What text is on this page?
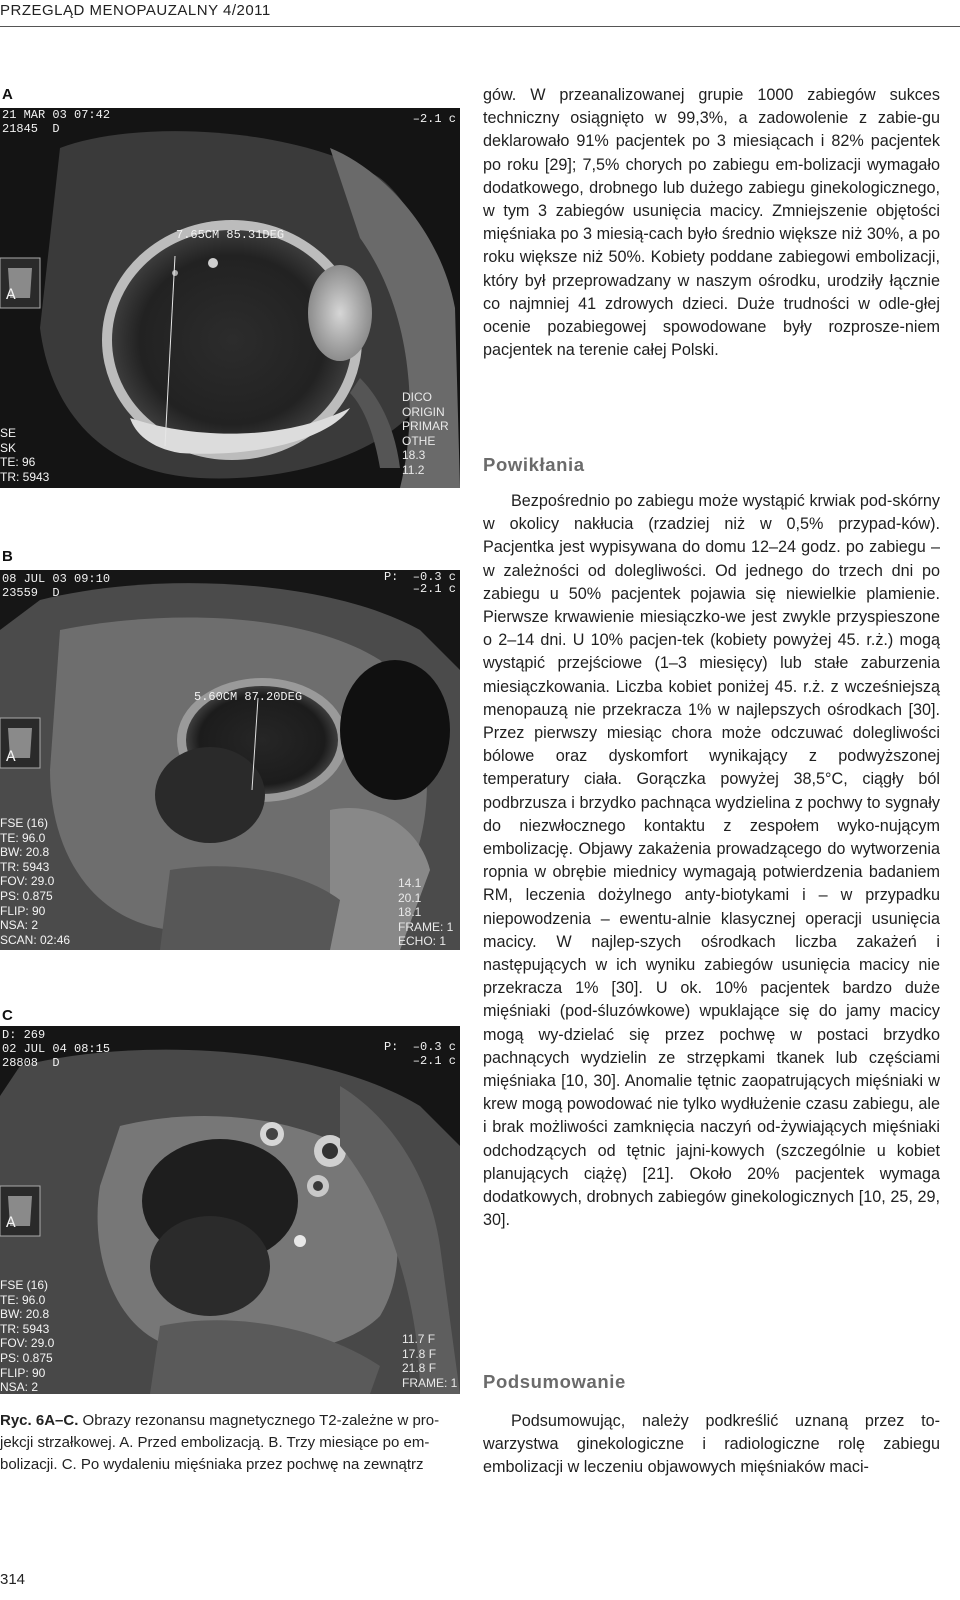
PRZEGLĄD MENOPAUZALNY 4/2011
A
21 MAR 03 07:42
21845  D
–2.1 c
7.65CM 85.31DEG
A
SE
SK
TE: 96
TR: 5943
DICO
ORIGIN
PRIMAR
OTHE
18.3
11.2
B
08 JUL 03 09:10
23559  D
P:  –0.3 c
–2.1 c
5.60CM 87.20DEG
A
FSE (16)
TE: 96.0
BW: 20.8
TR: 5943
FOV: 29.0
PS: 0.875
FLIP: 90
NSA: 2
SCAN: 02:46
14.1
20.1
18.1
FRAME: 1
ECHO: 1
C
D: 269
02 JUL 04 08:15
28808  D
P:  –0.3 c
–2.1 c
A
FSE (16)
TE: 96.0
BW: 20.8
TR: 5943
FOV: 29.0
PS: 0.875
FLIP: 90
NSA: 2
11.7 F
17.8 F
21.8 F
FRAME: 1
Ryc. 6A–C. Obrazy rezonansu magnetycznego T2-zależne w pro-jekcji strzałkowej. A. Przed embolizacją. B. Trzy miesiące po em-bolizacji. C. Po wydaleniu mięśniaka przez pochwę na zewnątrz
gów. W przeanalizowanej grupie 1000 zabiegów sukces techniczny osiągnięto w 99,3%, a zadowolenie z zabie-gu deklarowało 91% pacjentek po 3 miesiącach i 82% pacjentek po roku [29]; 7,5% chorych po zabiegu em-bolizacji wymagało dodatkowego, drobnego lub dużego zabiegu ginekologicznego, w tym 3 zabiegów usunięcia macicy. Zmniejszenie objętości mięśniaka po 3 miesią-cach było średnio większe niż 30%, a po roku większe niż 50%. Kobiety poddane zabiegowi embolizacji, który był przeprowadzany w naszym ośrodku, urodziły łącznie co najmniej 41 zdrowych dzieci. Duże trudności w odle-głej ocenie pozabiegowej spowodowane były rozprosze-niem pacjentek na terenie całej Polski.
Powikłania
Bezpośrednio po zabiegu może wystąpić krwiak pod-skórny w okolicy nakłucia (rzadziej niż w 0,5% przypad-ków). Pacjentka jest wypisywana do domu 12–24 godz. po zabiegu – w zależności od dolegliwości. Od jednego do trzech dni po zabiegu u 50% pacjentek pojawia się niewielkie plamienie. Pierwsze krwawienie miesiączko-we jest zwykle przyspieszone o 2–14 dni. U 10% pacjen-tek (kobiety powyżej 45. r.ż.) mogą wystąpić przejściowe (1–3 miesięcy) lub stałe zaburzenia miesiączkowania. Liczba kobiet poniżej 45. r.ż. z wcześniejszą menopauzą nie przekracza 1% w najlepszych ośrodkach [30]. Przez pierwszy miesiąc chora może odczuwać dolegliwości bólowe oraz dyskomfort wynikający z podwyższonej temperatury ciała. Gorączka powyżej 38,5°C, ciągły ból podbrzusza i brzydko pachnąca wydzielina z pochwy to sygnały do niezwłocznego kontaktu z zespołem wyko-nującym embolizację. Objawy zakażenia prowadzącego do wytworzenia ropnia w obrębie miednicy wymagają potwierdzenia badaniem RM, leczenia dożylnego anty-biotykami i – w przypadku niepowodzenia – ewentu-alnie klasycznej operacji usunięcia macicy. W najlep-szych ośrodkach liczba zakażeń i następujących w ich wyniku zabiegów usunięcia macicy nie przekracza 1% [30]. U ok. 10% pacjentek bardzo duże mięśniaki (pod-śluzówkowe) wpuklające się do jamy macicy mogą wy-dzielać się przez pochwę w postaci brzydko pachnących wydzielin ze strzępkami tkanek lub częściami mięśniaka [10, 30]. Anomalie tętnic zaopatrujących mięśniaki w krew mogą powodować nie tylko wydłużenie czasu zabiegu, ale i brak możliwości zamknięcia naczyń od-żywiających mięśniaki odchodzących od tętnic jajni-kowych (szczególnie u kobiet planujących ciążę) [21]. Około 20% pacjentek wymaga dodatkowych, drobnych zabiegów ginekologicznych [10, 25, 29, 30].
Podsumowanie
Podsumowując, należy podkreślić uznaną przez to-warzystwa ginekologiczne i radiologiczne rolę zabiegu embolizacji w leczeniu objawowych mięśniaków maci-
314
